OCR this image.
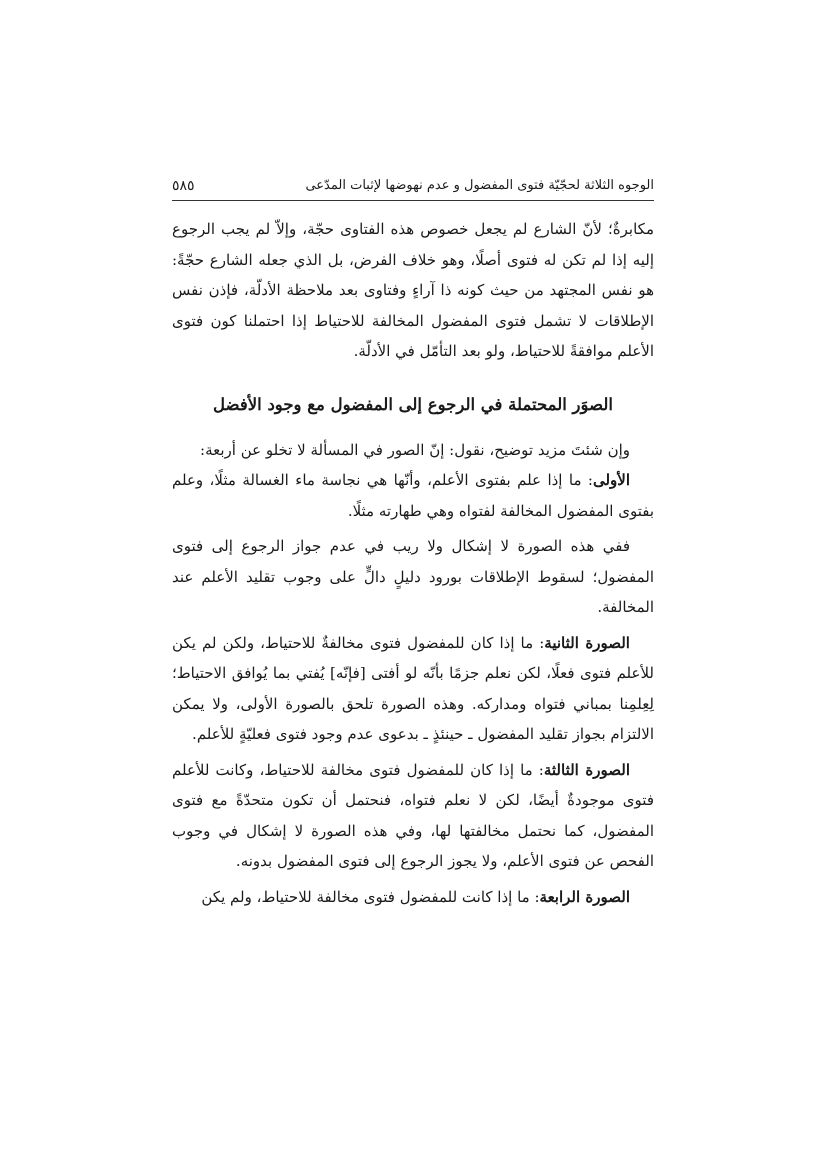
الوجوه الثلاثة لحجّيّة فتوى المفضول و عدم نهوضها لإثبات المدّعى
٥٨٥

مكابرةٌ؛ لأنّ الشارع لم يجعل خصوص هذه الفتاوى حجّة، وإلاّ لم يجب الرجوع إليه إذا لم تكن له فتوى أصلًا، وهو خلاف الفرض، بل الذي جعله الشارع حجّةً: هو نفس المجتهد من حيث كونه ذا آراءٍ وفتاوى بعد ملاحظة الأدلّة، فإذن نفس الإطلاقات لا تشمل فتوى المفضول المخالفة للاحتياط إذا احتملنا كون فتوى الأعلم موافقةً للاحتياط، ولو بعد التأمّل في الأدلّة.

الصوَر المحتملة في الرجوع إلى المفضول مع وجود الأفضل

وإن شئتَ مزيد توضيح، نقول: إنّ الصور في المسألة لا تخلو عن أربعة:

الأولى: ما إذا علم بفتوى الأعلم، وأنّها هي نجاسة ماء الغسالة مثلًا، وعلم بفتوى المفضول المخالفة لفتواه وهي طهارته مثلًا.

ففي هذه الصورة لا إشكال ولا ريب في عدم جواز الرجوع إلى فتوى المفضول؛ لسقوط الإطلاقات بورود دليلٍ دالٍّ على وجوب تقليد الأعلم عند المخالفة.

الصورة الثانية: ما إذا كان للمفضول فتوى مخالفةٌ للاحتياط، ولكن لم يكن للأعلم فتوى فعلًا، لكن نعلم جزمًا بأنّه لو أفتى [فإنّه] يُفتي بما يُوافق الاحتياط؛ لِعِلمِنا بمباني فتواه ومداركه. وهذه الصورة تلحق بالصورة الأولى، ولا يمكن الالتزام بجواز تقليد المفضول ـ حينئذٍ ـ بدعوى عدم وجود فتوى فعليّةٍ للأعلم.

الصورة الثالثة: ما إذا كان للمفضول فتوى مخالفة للاحتياط، وكانت للأعلم فتوى موجودةٌ أيضًا، لكن لا نعلم فتواه، فنحتمل أن تكون متحدّةً مع فتوى المفضول، كما نحتمل مخالفتها لها، وفي هذه الصورة لا إشكال في وجوب الفحص عن فتوى الأعلم، ولا يجوز الرجوع إلى فتوى المفضول بدونه.

الصورة الرابعة: ما إذا كانت للمفضول فتوى مخالفة للاحتياط، ولم يكن
